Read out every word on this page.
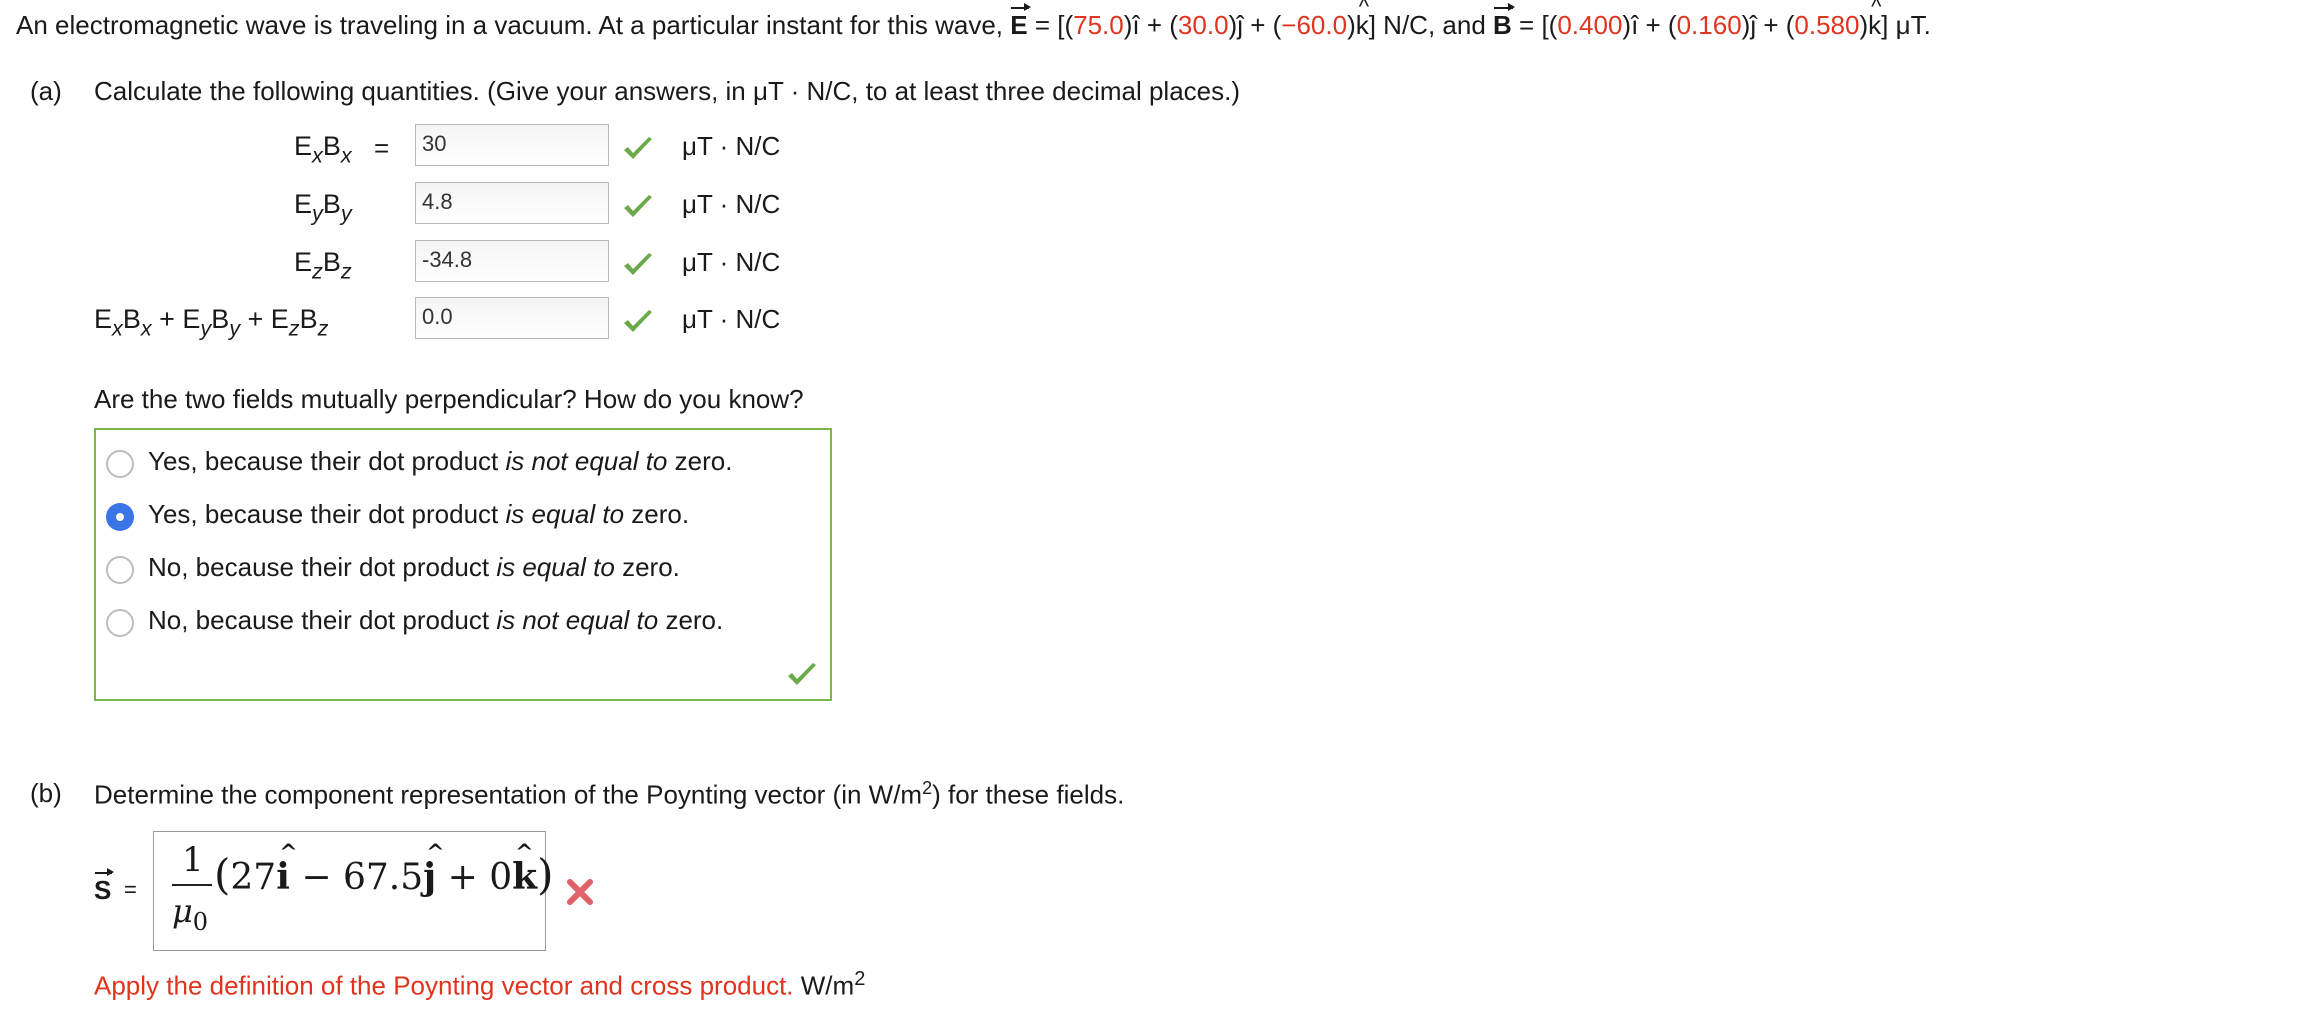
An electromagnetic wave is traveling in a vacuum. At a particular instant for this wave, E = [(75.0)î + (30.0)ĵ + (−60.0)^ k] N/C, and B = [(0.400)î + (0.160)ĵ + (0.580)^ k] μT.
(a) Calculate the following quantities. (Give your answers, in μT · N/C, to at least three decimal places.)
$E_xB_x$ =	30	μT · N/C
$E_yB_y$	4.8	μT · N/C
$E_zB_z$	-34.8	μT · N/C
$E_xB_x + E_yB_y + E_zB_z$	0.0	μT · N/C
Are the two fields mutually perpendicular? How do you know?
Yes, because their dot product is not equal to zero.
Yes, because their dot product is equal to zero.
No, because their dot product is equal to zero.
No, because their dot product is not equal to zero.
(b) Determine the component representation of the Poynting vector (in $W/m^2$) for these fields.
S =
1
$\mu_0$
(27^ i − 67.5^ j + 0^ k)
Apply the definition of the Poynting vector and cross product. $W/m^2$
